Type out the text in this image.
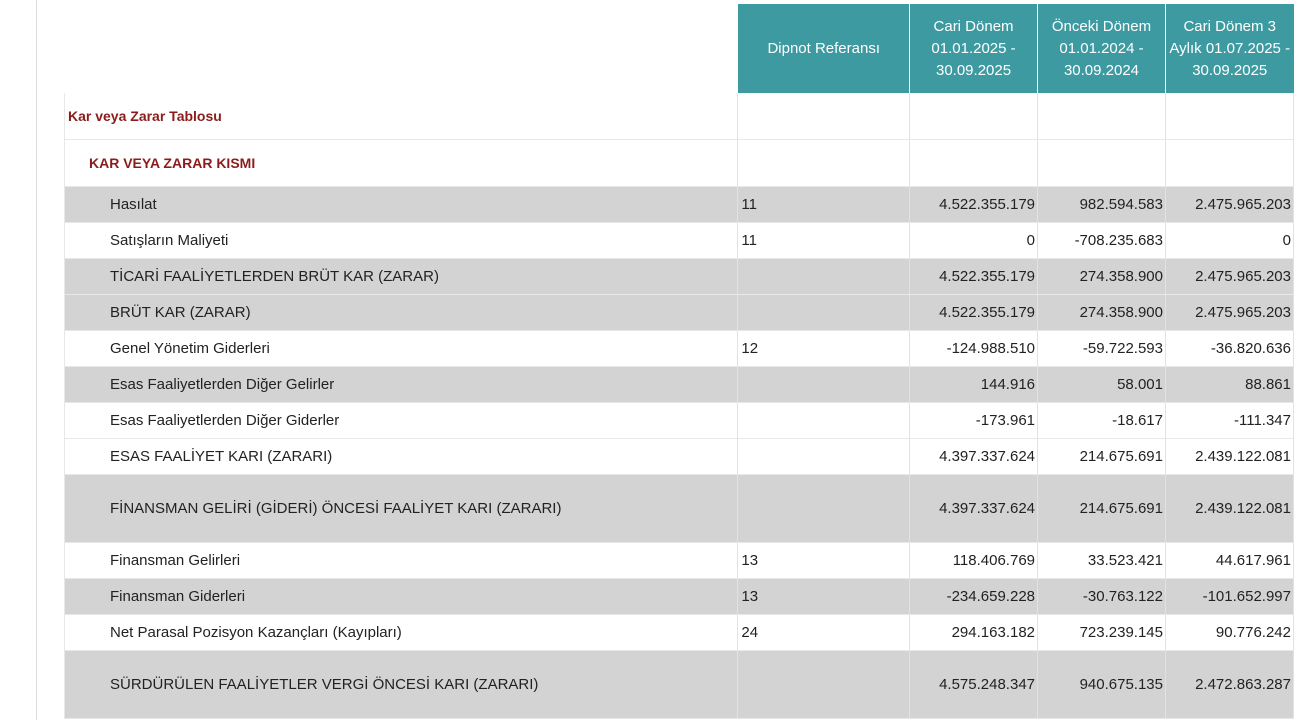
	Dipnot Referansı	Cari Dönem 01.01.2025 - 30.09.2025	Önceki Dönem 01.01.2024 - 30.09.2024	Cari Dönem 3 Aylık 01.07.2025 - 30.09.2025
Kar veya Zarar Tablosu				
KAR VEYA ZARAR KISMI				
Hasılat	11	4.522.355.179	982.594.583	2.475.965.203
Satışların Maliyeti	11	0	-708.235.683	0
TİCARİ FAALİYETLERDEN BRÜT KAR (ZARAR)		4.522.355.179	274.358.900	2.475.965.203
BRÜT KAR (ZARAR)		4.522.355.179	274.358.900	2.475.965.203
Genel Yönetim Giderleri	12	-124.988.510	-59.722.593	-36.820.636
Esas Faaliyetlerden Diğer Gelirler		144.916	58.001	88.861
Esas Faaliyetlerden Diğer Giderler		-173.961	-18.617	-111.347
ESAS FAALİYET KARI (ZARARI)		4.397.337.624	214.675.691	2.439.122.081
FİNANSMAN GELİRİ (GİDERİ) ÖNCESİ FAALİYET KARI (ZARARI)		4.397.337.624	214.675.691	2.439.122.081
Finansman Gelirleri	13	118.406.769	33.523.421	44.617.961
Finansman Giderleri	13	-234.659.228	-30.763.122	-101.652.997
Net Parasal Pozisyon Kazançları (Kayıpları)	24	294.163.182	723.239.145	90.776.242
SÜRDÜRÜLEN FAALİYETLER VERGİ ÖNCESİ KARI (ZARARI)		4.575.248.347	940.675.135	2.472.863.287
